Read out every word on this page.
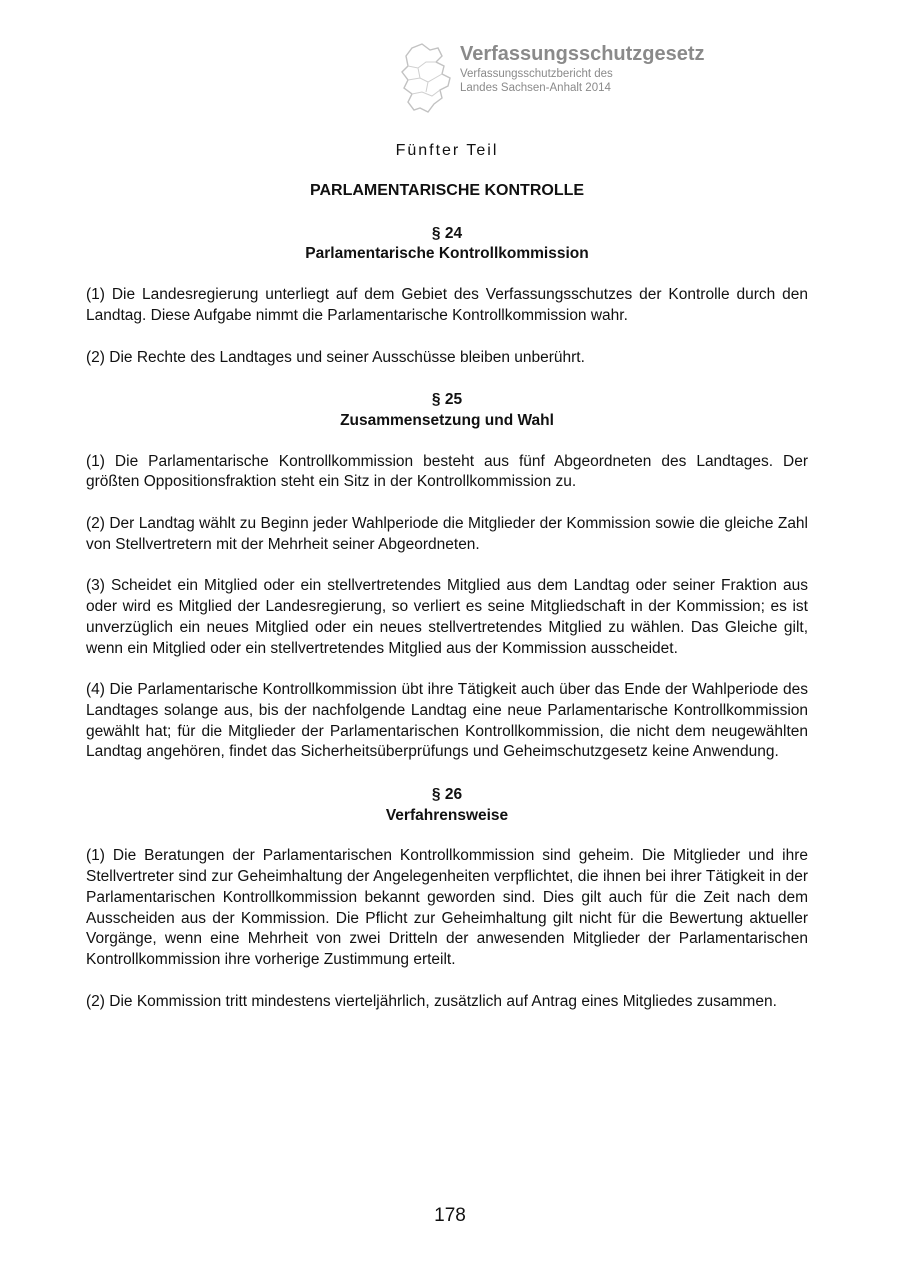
Verfassungsschutzgesetz
Verfassungsschutzbericht des
Landes Sachsen-Anhalt 2014

Fünfter Teil

PARLAMENTARISCHE KONTROLLE

§ 24
Parlamentarische Kontrollkommission

(1) Die Landesregierung unterliegt auf dem Gebiet des Verfassungsschutzes der Kontrolle durch den Landtag. Diese Aufgabe nimmt die Parlamentarische Kontrollkommission wahr.

(2) Die Rechte des Landtages und seiner Ausschüsse bleiben unberührt.

§ 25
Zusammensetzung und Wahl

(1) Die Parlamentarische Kontrollkommission besteht aus fünf Abgeordneten des Landtages. Der größten Oppositionsfraktion steht ein Sitz in der Kontrollkommission zu.

(2) Der Landtag wählt zu Beginn jeder Wahlperiode die Mitglieder der Kommission sowie die gleiche Zahl von Stellvertretern mit der Mehrheit seiner Abgeordneten.

(3) Scheidet ein Mitglied oder ein stellvertretendes Mitglied aus dem Landtag oder seiner Fraktion aus oder wird es Mitglied der Landesregierung, so verliert es seine Mitgliedschaft in der Kommission; es ist unverzüglich ein neues Mitglied oder ein neues stellvertretendes Mitglied zu wählen. Das Gleiche gilt, wenn ein Mitglied oder ein stellvertretendes Mitglied aus der Kommission ausscheidet.

(4) Die Parlamentarische Kontrollkommission übt ihre Tätigkeit auch über das Ende der Wahlperiode des Landtages solange aus, bis der nachfolgende Landtag eine neue Parlamentarische Kontrollkommission gewählt hat; für die Mitglieder der Parlamentarischen Kontrollkommission, die nicht dem neugewählten Landtag angehören, findet das Sicherheitsüberprüfungs und Geheimschutzgesetz keine Anwendung.

§ 26
Verfahrensweise

(1) Die Beratungen der Parlamentarischen Kontrollkommission sind geheim. Die Mitglieder und ihre Stellvertreter sind zur Geheimhaltung der Angelegenheiten verpflichtet, die ihnen bei ihrer Tätigkeit in der Parlamentarischen Kontrollkommission bekannt geworden sind. Dies gilt auch für die Zeit nach dem Ausscheiden aus der Kommission. Die Pflicht zur Geheimhaltung gilt nicht für die Bewertung aktueller Vorgänge, wenn eine Mehrheit von zwei Dritteln der anwesenden Mitglieder der Parlamentarischen Kontrollkommission ihre vorherige Zustimmung erteilt.

(2) Die Kommission tritt mindestens vierteljährlich, zusätzlich auf Antrag eines Mitgliedes zusammen.

178
